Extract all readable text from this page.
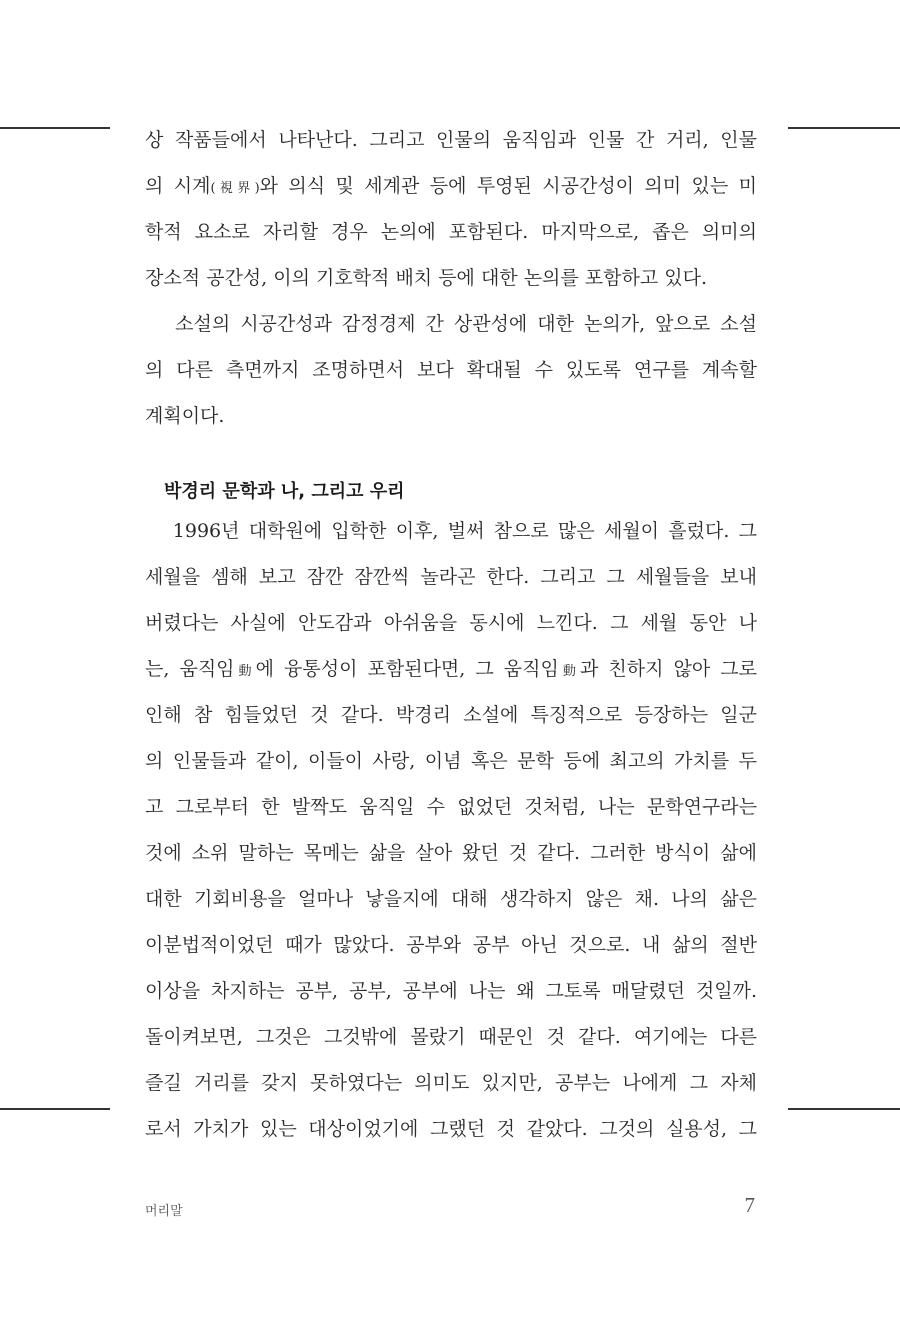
상 작품들에서 나타난다. 그리고 인물의 움직임과 인물 간 거리, 인물
의 시계(視界)와 의식 및 세계관 등에 투영된 시공간성이 의미 있는 미
학적 요소로 자리할 경우 논의에 포함된다. 마지막으로, 좁은 의미의
장소적 공간성, 이의 기호학적 배치 등에 대한 논의를 포함하고 있다.
소설의 시공간성과 감정경제 간 상관성에 대한 논의가, 앞으로 소설
의 다른 측면까지 조명하면서 보다 확대될 수 있도록 연구를 계속할
계획이다.
박경리 문학과 나, 그리고 우리
1996년 대학원에 입학한 이후, 벌써 참으로 많은 세월이 흘렀다. 그
세월을 셈해 보고 잠깐 잠깐씩 놀라곤 한다. 그리고 그 세월들을 보내
버렸다는 사실에 안도감과 아쉬움을 동시에 느낀다. 그 세월 동안 나
는, 움직임動에 융통성이 포함된다면, 그 움직임動과 친하지 않아 그로
인해 참 힘들었던 것 같다. 박경리 소설에 특징적으로 등장하는 일군
의 인물들과 같이, 이들이 사랑, 이념 혹은 문학 등에 최고의 가치를 두
고 그로부터 한 발짝도 움직일 수 없었던 것처럼, 나는 문학연구라는
것에 소위 말하는 목메는 삶을 살아 왔던 것 같다. 그러한 방식이 삶에
대한 기회비용을 얼마나 낳을지에 대해 생각하지 않은 채. 나의 삶은
이분법적이었던 때가 많았다. 공부와 공부 아닌 것으로. 내 삶의 절반
이상을 차지하는 공부, 공부, 공부에 나는 왜 그토록 매달렸던 것일까.
돌이켜보면, 그것은 그것밖에 몰랐기 때문인 것 같다. 여기에는 다른
즐길 거리를 갖지 못하였다는 의미도 있지만, 공부는 나에게 그 자체
로서 가치가 있는 대상이었기에 그랬던 것 같았다. 그것의 실용성, 그
머리말	7
